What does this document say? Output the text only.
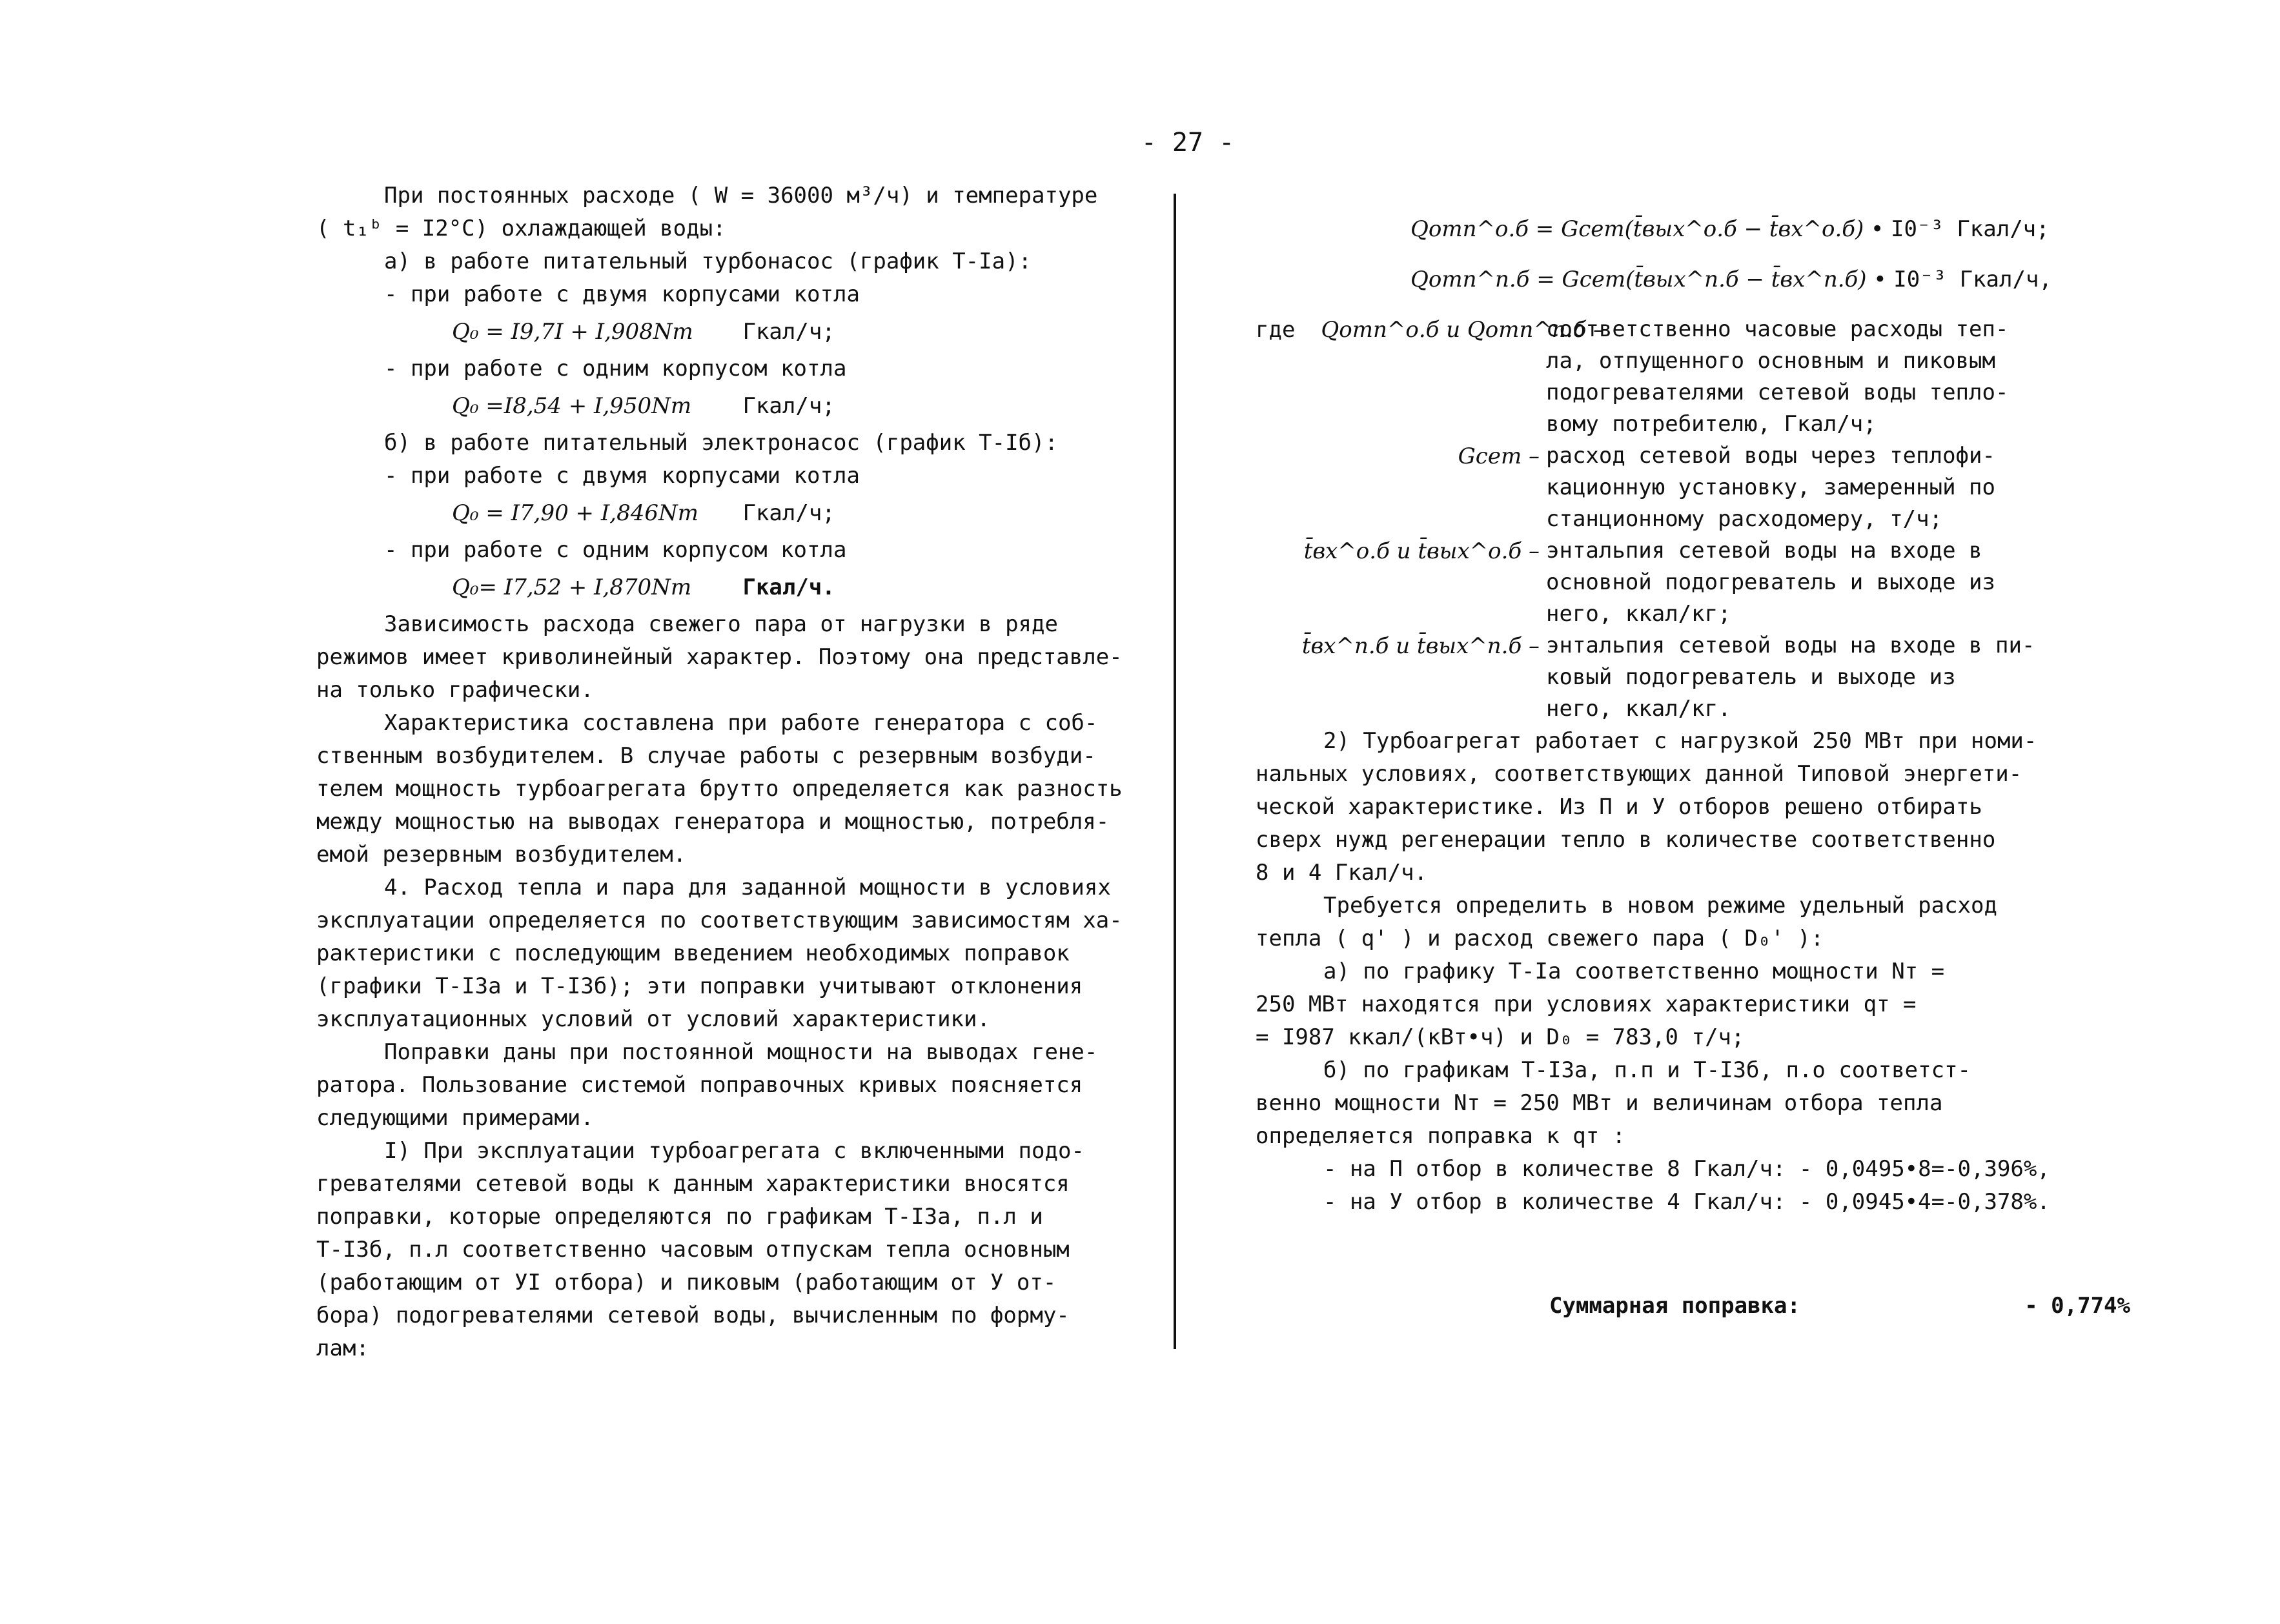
- 27 -
При постоянных расходе ( W = 36000 м³/ч) и температуре
( t₁ᵇ = I2°C) охлаждающей воды:
а) в работе питательный турбонасос (график Т-Iа):
- при работе с двумя корпусами котла
Q₀ = I9,7I + I,908Nт Гкал/ч;
- при работе с одним корпусом котла
Q₀ =I8,54 + I,950Nт Гкал/ч;
б) в работе питательный электронасос (график Т-Iб):
- при работе с двумя корпусами котла
Q₀ = I7,90 + I,846Nт Гкал/ч;
- при работе с одним корпусом котла
Q₀= I7,52 + I,870Nт Гкал/ч.
Зависимость расхода свежего пара от нагрузки в ряде
режимов имеет криволинейный характер. Поэтому она представле-
на только графически.
Характеристика составлена при работе генератора с соб-
ственным возбудителем. В случае работы с резервным возбуди-
телем мощность турбоагрегата брутто определяется как разность
между мощностью на выводах генератора и мощностью, потребля-
емой резервным возбудителем.
4. Расход тепла и пара для заданной мощности в условиях
эксплуатации определяется по соответствующим зависимостям ха-
рактеристики с последующим введением необходимых поправок
(графики Т-I3а и Т-I3б); эти поправки учитывают отклонения
эксплуатационных условий от условий характеристики.
Поправки даны при постоянной мощности на выводах гене-
ратора. Пользование системой поправочных кривых поясняется
следующими примерами.
I) При эксплуатации турбоагрегата с включенными подо-
гревателями сетевой воды к данным характеристики вносятся
поправки, которые определяются по графикам Т-I3а, п.л и
Т-I3б, п.л соответственно часовым отпускам тепла основным
(работающим от УI отбора) и пиковым (работающим от У от-
бора) подогревателями сетевой воды, вычисленным по форму-
лам:
Qотп^о.б = Gсет(t̄вых^о.б − t̄вх^о.б) • I0⁻³ Гкал/ч;
Qотп^п.б = Gсет(t̄вых^п.б − t̄вх^п.б) • I0⁻³ Гкал/ч,
где Qотп^о.б и Qотп^п.б –
соответственно часовые расходы теп-
ла, отпущенного основным и пиковым
подогревателями сетевой воды тепло-
вому потребителю, Гкал/ч;
Gсет – расход сетевой воды через теплофи-
кационную установку, замеренный по
станционному расходомеру, т/ч;
t̄вх^о.б и t̄вых^о.б – энтальпия сетевой воды на входе в
основной подогреватель и выходе из
него, ккал/кг;
t̄вх^п.б и t̄вых^п.б – энтальпия сетевой воды на входе в пи-
ковый подогреватель и выходе из
него, ккал/кг.
2) Турбоагрегат работает с нагрузкой 250 МВт при номи-
нальных условиях, соответствующих данной Типовой энергети-
ческой характеристике. Из П и У отборов решено отбирать
сверх нужд регенерации тепло в количестве соответственно
8 и 4 Гкал/ч.
Требуется определить в новом режиме удельный расход
тепла ( q' ) и расход свежего пара ( D₀' ):
а) по графику Т-Iа соответственно мощности Nт =
250 МВт находятся при условиях характеристики qт =
= I987 ккал/(кВт•ч) и D₀ = 783,0 т/ч;
б) по графикам Т-I3а, п.п и Т-I3б, п.о соответст-
венно мощности Nт = 250 МВт и величинам отбора тепла
определяется поправка к qт :
- на П отбор в количестве 8 Гкал/ч: - 0,0495•8=-0,396%,
- на У отбор в количестве 4 Гкал/ч: - 0,0945•4=-0,378%.
Суммарная поправка:	- 0,774%
